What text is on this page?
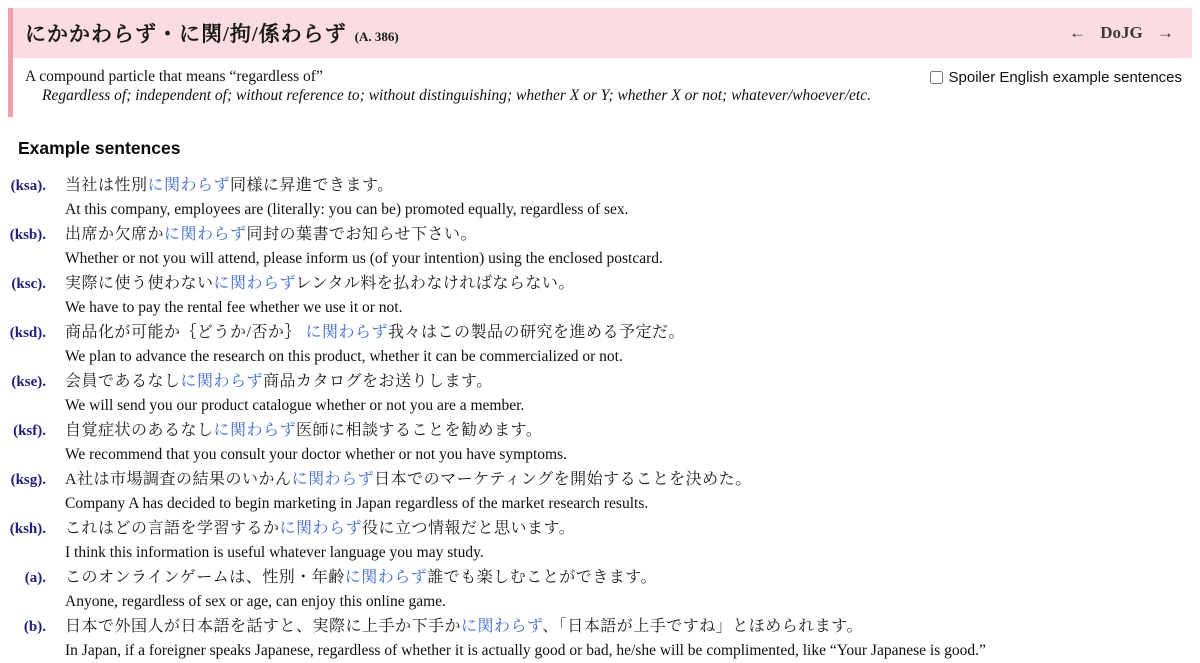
にかかわらず・に関/拘/係わらず (A. 386)	← DoJG →
A compound particle that means “regardless of”
Regardless of; independent of; without reference to; without distinguishing; whether X or Y; whether X or not; whatever/whoever/etc.
Spoiler English example sentences
Example sentences
(ksa). 当社は性別に関わらず同様に昇進できます。
At this company, employees are (literally: you can be) promoted equally, regardless of sex.
(ksb). 出席か欠席かに関わらず同封の葉書でお知らせ下さい。
Whether or not you will attend, please inform us (of your intention) using the enclosed postcard.
(ksc). 実際に使う使わないに関わらずレンタル料を払わなければならない。
We have to pay the rental fee whether we use it or not.
(ksd). 商品化が可能か｛どうか/否か｝ に関わらず我々はこの製品の研究を進める予定だ。
We plan to advance the research on this product, whether it can be commercialized or not.
(kse). 会員であるなしに関わらず商品カタログをお送りします。
We will send you our product catalogue whether or not you are a member.
(ksf). 自覚症状のあるなしに関わらず医師に相談することを勧めます。
We recommend that you consult your doctor whether or not you have symptoms.
(ksg). A社は市場調査の結果のいかんに関わらず日本でのマーケティングを開始することを決めた。
Company A has decided to begin marketing in Japan regardless of the market research results.
(ksh). これはどの言語を学習するかに関わらず役に立つ情報だと思います。
I think this information is useful whatever language you may study.
(a). このオンラインゲームは、性別・年齢に関わらず誰でも楽しむことができます。
Anyone, regardless of sex or age, can enjoy this online game.
(b). 日本で外国人が日本語を話すと、実際に上手か下手かに関わらず、「日本語が上手ですね」とほめられます。
In Japan, if a foreigner speaks Japanese, regardless of whether it is actually good or bad, he/she will be complimented, like “Your Japanese is good.”
